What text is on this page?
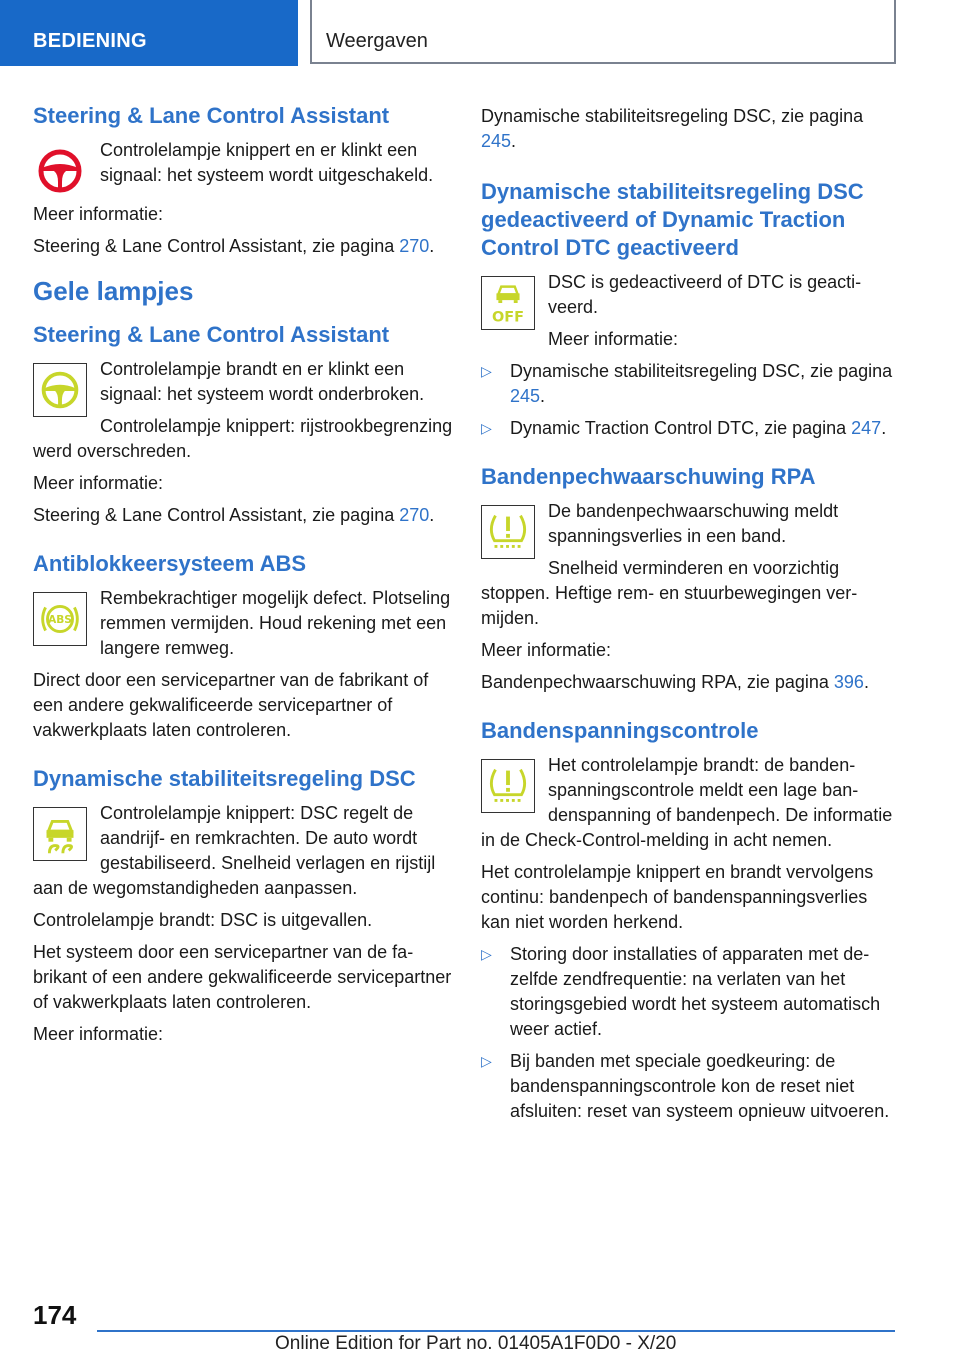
BEDIENING	Weergaven
Steering & Lane Control Assistant

Controlelampje knippert en er klinkt een signaal: het systeem wordt uitgeschakeld.

Meer informatie:

Steering & Lane Control Assistant, zie pagina 270.

Gele lampjes
Steering & Lane Control Assistant

Controlelampje brandt en er klinkt een signaal: het systeem wordt onderbroken.

Controlelampje knippert: rijstrookbegrenzing werd overschreden.

Meer informatie:

Steering & Lane Control Assistant, zie pagina 270.

Antiblokkeersysteem ABS
ABS

Rembekrachtiger mogelijk defect. Plotseling remmen vermijden. Houd rekening met een langere remweg.

Direct door een servicepartner van de fabrikant of een andere gekwalificeerde servicepartner of vakwerkplaats laten controleren.

Dynamische stabiliteitsregeling DSC

Controlelampje knippert: DSC regelt de aandrijf- en remkrachten. De auto wordt gestabiliseerd. Snelheid verlagen en rijstijl aan de wegomstandigheden aanpassen.

Controlelampje brandt: DSC is uitgevallen.

Het systeem door een servicepartner van de fabrikant of een andere gekwalificeerde servicepartner of vakwerkplaats laten controleren.

Meer informatie:

Dynamische stabiliteitsregeling DSC, zie pagina 245.

Dynamische stabiliteitsregeling DSC gedeactiveerd of Dynamic Traction Control DTC geactiveerd
OFF

DSC is gedeactiveerd of DTC is geactiveerd.

Meer informatie:

▷ Dynamische stabiliteitsregeling DSC, zie pagina 245.
▷ Dynamic Traction Control DTC, zie pagina 247.
Bandenpechwaarschuwing RPA

De bandenpechwaarschuwing meldt spanningsverlies in een band.

Snelheid verminderen en voorzichtig stoppen. Heftige rem- en stuurbewegingen vermijden.

Meer informatie:

Bandenpechwaarschuwing RPA, zie pagina 396.

Bandenspanningscontrole

Het controlelampje brandt: de bandenspanningscontrole meldt een lage bandenspanning of bandenpech. De informatie in de Check-Control-melding in acht nemen.

Het controlelampje knippert en brandt vervolgens continu: bandenpech of bandenspanningsverlies kan niet worden herkend.

▷ Storing door installaties of apparaten met dezelfde zendfrequentie: na verlaten van het storingsgebied wordt het systeem automatisch weer actief.
▷ Bij banden met speciale goedkeuring: de bandenspanningscontrole kon de reset niet afsluiten: reset van systeem opnieuw uitvoeren.
174
Online Edition for Part no. 01405A1F0D0 - X/20
